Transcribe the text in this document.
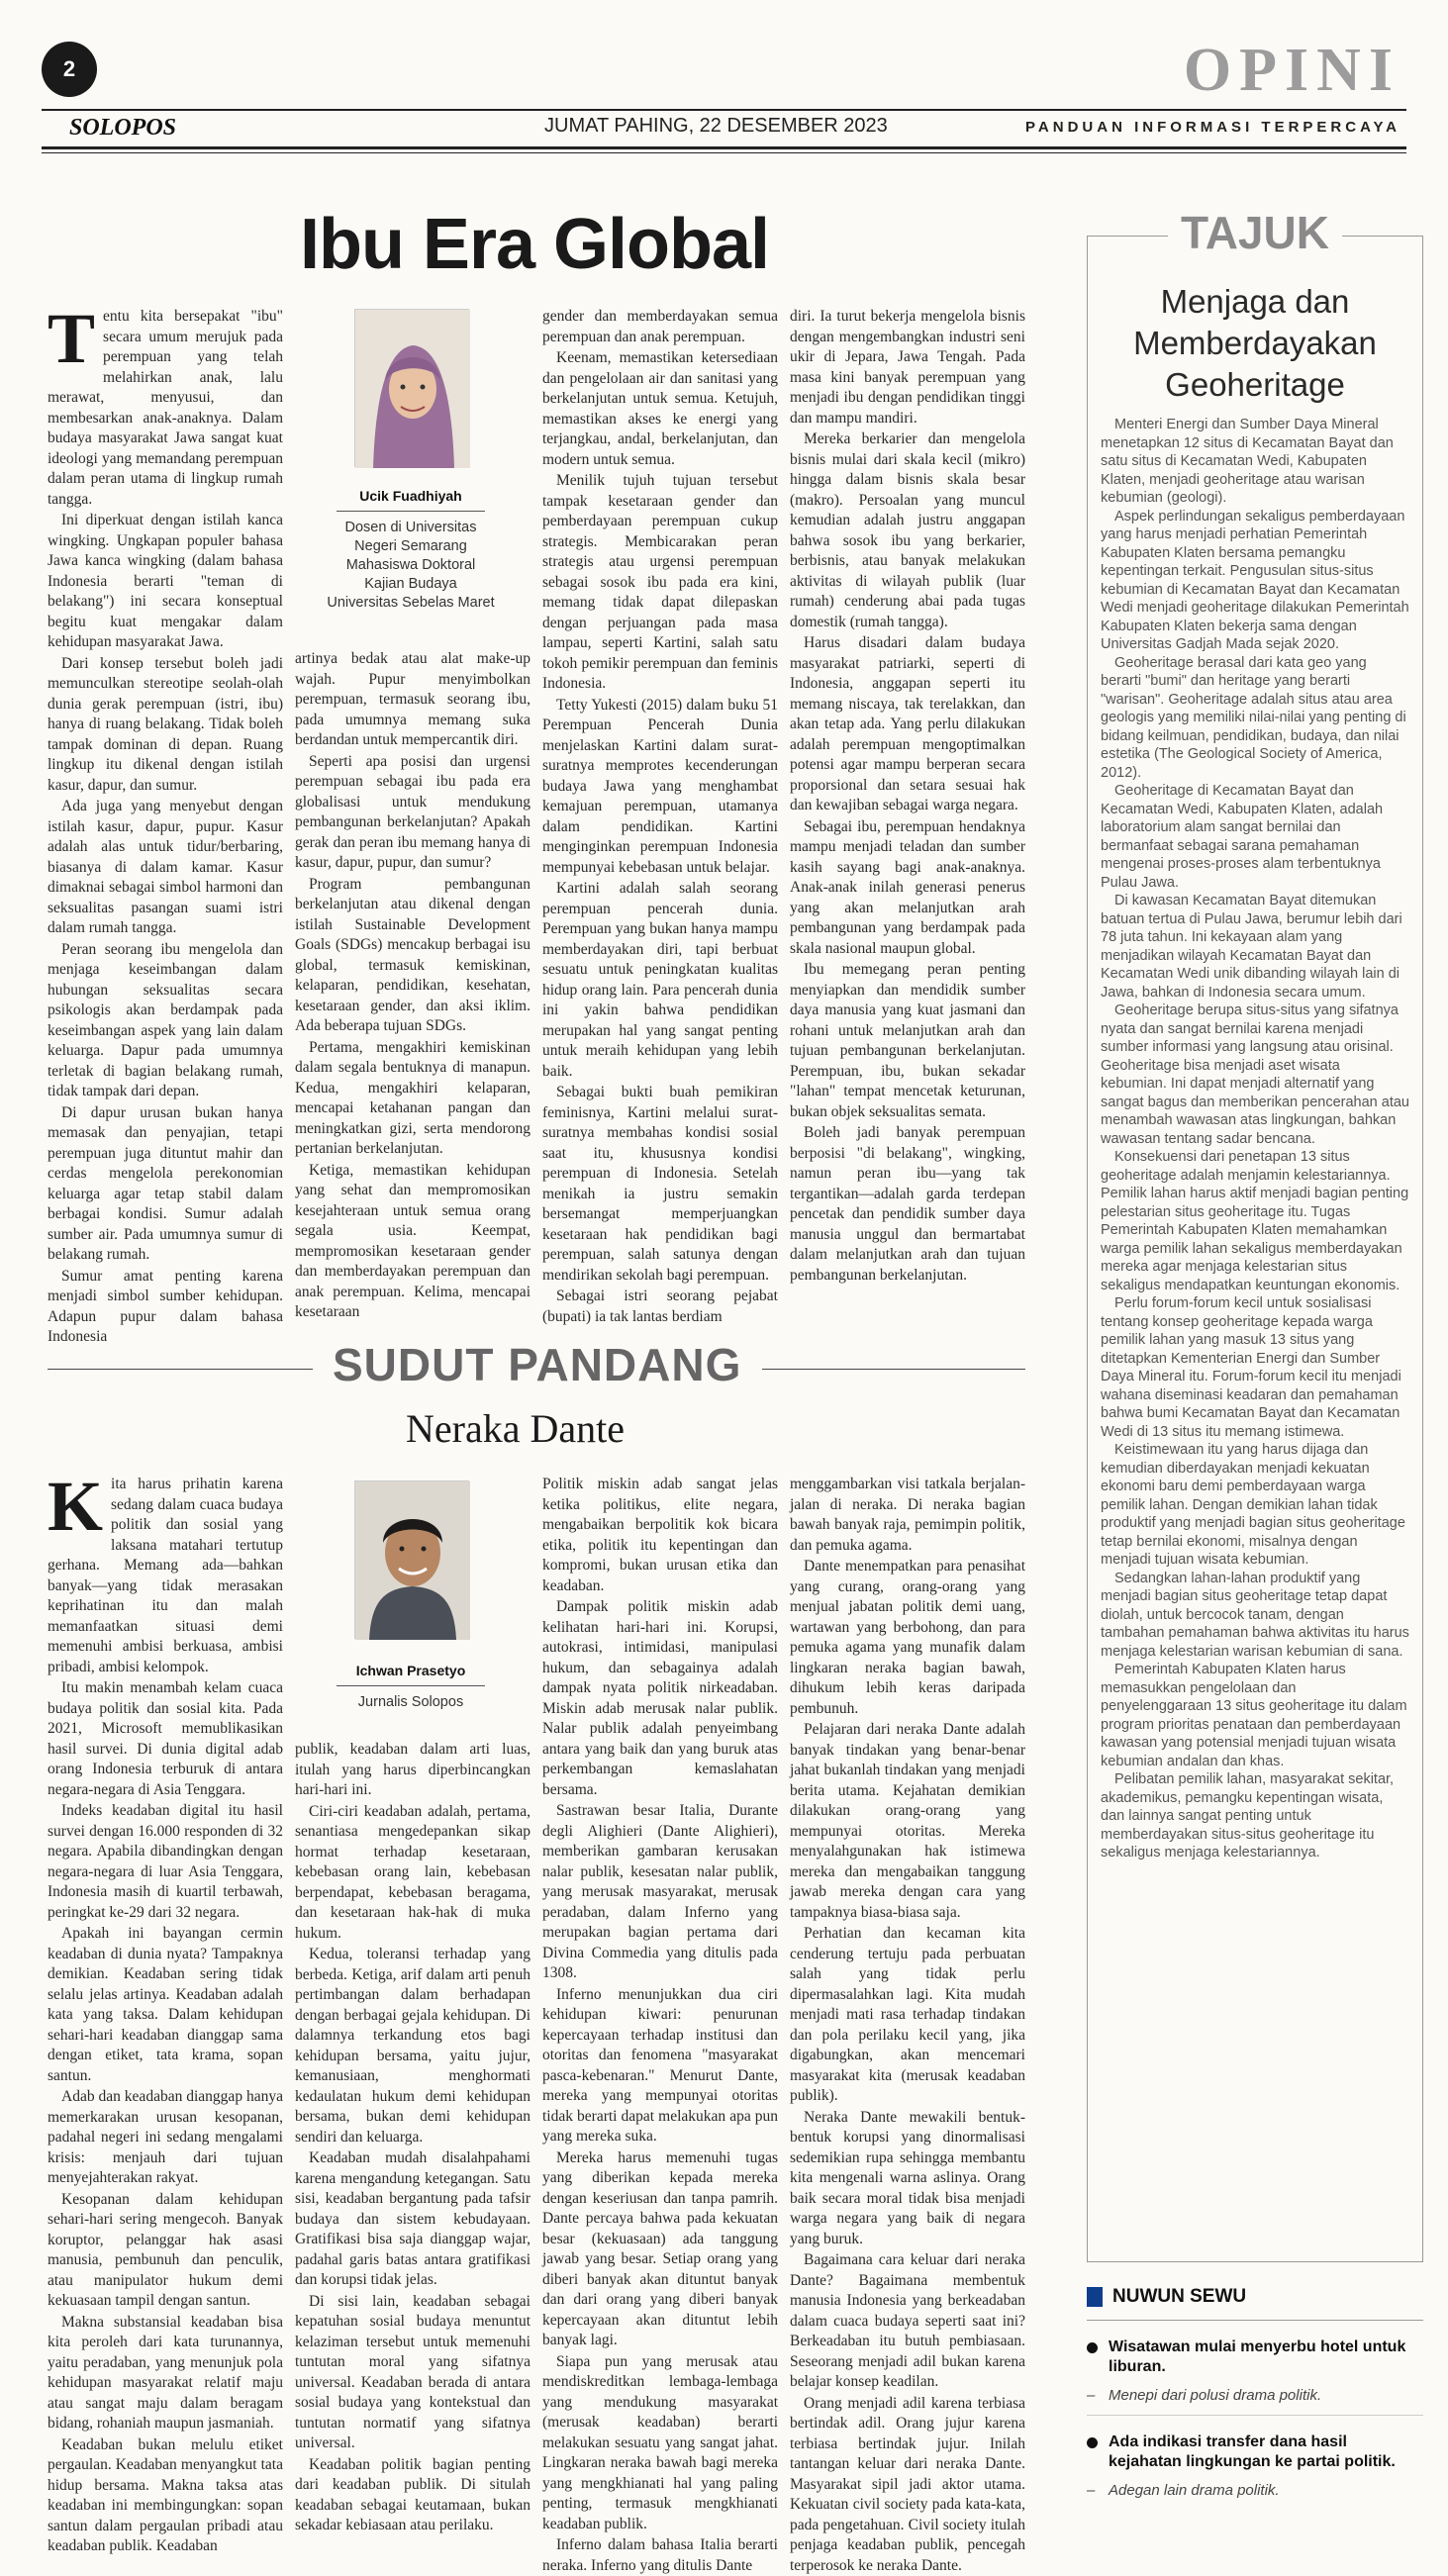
2	OPINI
SOLOPOS	JUMAT PAHING, 22 DESEMBER 2023	PANDUAN INFORMASI TERPERCAYA
Ibu Era Global
T entu kita bersepakat "ibu" secara umum merujuk pada perempuan yang telah melahirkan anak, lalu merawat, menyusui, dan membesarkan anak-anaknya. Dalam budaya masyarakat Jawa sangat kuat ideologi yang memandang perempuan dalam peran utama di lingkup rumah tangga.

Ini diperkuat dengan istilah kanca wingking. Ungkapan populer bahasa Jawa kanca wingking (dalam bahasa Indonesia berarti "teman di belakang") ini secara konseptual begitu kuat mengakar dalam kehidupan masyarakat Jawa.

Dari konsep tersebut boleh jadi memunculkan stereotipe seolah-olah dunia gerak perempuan (istri, ibu) hanya di ruang belakang. Tidak boleh tampak dominan di depan. Ruang lingkup itu dikenal dengan istilah kasur, dapur, dan sumur.

Ada juga yang menyebut dengan istilah kasur, dapur, pupur. Kasur adalah alas untuk tidur/berbaring, biasanya di dalam kamar. Kasur dimaknai sebagai simbol harmoni dan seksualitas pasangan suami istri dalam rumah tangga.

Peran seorang ibu mengelola dan menjaga keseimbangan dalam hubungan seksualitas secara psikologis akan berdampak pada keseimbangan aspek yang lain dalam keluarga. Dapur pada umumnya terletak di bagian belakang rumah, tidak tampak dari depan.

Di dapur urusan bukan hanya memasak dan penyajian, tetapi perempuan juga dituntut mahir dan cerdas mengelola perekonomian keluarga agar tetap stabil dalam berbagai kondisi. Sumur adalah sumber air. Pada umumnya sumur di belakang rumah.

Sumur amat penting karena menjadi simbol sumber kehidupan. Adapun pupur dalam bahasa Indonesia

Ucik Fuadhiyah
Dosen di Universitas
Negeri Semarang
Mahasiswa Doktoral
Kajian Budaya
Universitas Sebelas Maret

artinya bedak atau alat make-up wajah. Pupur menyimbolkan perempuan, termasuk seorang ibu, pada umumnya memang suka berdandan untuk mempercantik diri.

Seperti apa posisi dan urgensi perempuan sebagai ibu pada era globalisasi untuk mendukung pembangunan berkelanjutan? Apakah gerak dan peran ibu memang hanya di kasur, dapur, pupur, dan sumur?

Program pembangunan berkelanjutan atau dikenal dengan istilah Sustainable Development Goals (SDGs) mencakup berbagai isu global, termasuk kemiskinan, kelaparan, pendidikan, kesehatan, kesetaraan gender, dan aksi iklim. Ada beberapa tujuan SDGs.

Pertama, mengakhiri kemiskinan dalam segala bentuknya di manapun. Kedua, mengakhiri kelaparan, mencapai ketahanan pangan dan meningkatkan gizi, serta mendorong pertanian berkelanjutan.

Ketiga, memastikan kehidupan yang sehat dan mempromosikan kesejahteraan untuk semua orang segala usia. Keempat, mempromosikan kesetaraan gender dan memberdayakan perempuan dan anak perempuan. Kelima, mencapai kesetaraan

gender dan memberdayakan semua perempuan dan anak perempuan.

Keenam, memastikan ketersediaan dan pengelolaan air dan sanitasi yang berkelanjutan untuk semua. Ketujuh, memastikan akses ke energi yang terjangkau, andal, berkelanjutan, dan modern untuk semua.

Menilik tujuh tujuan tersebut tampak kesetaraan gender dan pemberdayaan perempuan cukup strategis. Membicarakan peran strategis atau urgensi perempuan sebagai sosok ibu pada era kini, memang tidak dapat dilepaskan dengan perjuangan pada masa lampau, seperti Kartini, salah satu tokoh pemikir perempuan dan feminis Indonesia.

Tetty Yukesti (2015) dalam buku 51 Perempuan Pencerah Dunia menjelaskan Kartini dalam surat-suratnya memprotes kecenderungan budaya Jawa yang menghambat kemajuan perempuan, utamanya dalam pendidikan. Kartini menginginkan perempuan Indonesia mempunyai kebebasan untuk belajar.

Kartini adalah salah seorang perempuan pencerah dunia. Perempuan yang bukan hanya mampu memberdayakan diri, tapi berbuat sesuatu untuk peningkatan kualitas hidup orang lain. Para pencerah dunia ini yakin bahwa pendidikan merupakan hal yang sangat penting untuk meraih kehidupan yang lebih baik.

Sebagai bukti buah pemikiran feminisnya, Kartini melalui surat-suratnya membahas kondisi sosial saat itu, khususnya kondisi perempuan di Indonesia. Setelah menikah ia justru semakin bersemangat memperjuangkan kesetaraan hak pendidikan bagi perempuan, salah satunya dengan mendirikan sekolah bagi perempuan.

Sebagai istri seorang pejabat (bupati) ia tak lantas berdiam

diri. Ia turut bekerja mengelola bisnis dengan mengembangkan industri seni ukir di Jepara, Jawa Tengah. Pada masa kini banyak perempuan yang menjadi ibu dengan pendidikan tinggi dan mampu mandiri.

Mereka berkarier dan mengelola bisnis mulai dari skala kecil (mikro) hingga dalam bisnis skala besar (makro). Persoalan yang muncul kemudian adalah justru anggapan bahwa sosok ibu yang berkarier, berbisnis, atau banyak melakukan aktivitas di wilayah publik (luar rumah) cenderung abai pada tugas domestik (rumah tangga).

Harus disadari dalam budaya masyarakat patriarki, seperti di Indonesia, anggapan seperti itu memang niscaya, tak terelakkan, dan akan tetap ada. Yang perlu dilakukan adalah perempuan mengoptimalkan potensi agar mampu berperan secara proporsional dan setara sesuai hak dan kewajiban sebagai warga negara.

Sebagai ibu, perempuan hendaknya mampu menjadi teladan dan sumber kasih sayang bagi anak-anaknya. Anak-anak inilah generasi penerus yang akan melanjutkan arah pembangunan yang berdampak pada skala nasional maupun global.

Ibu memegang peran penting menyiapkan dan mendidik sumber daya manusia yang kuat jasmani dan rohani untuk melanjutkan arah dan tujuan pembangunan berkelanjutan. Perempuan, ibu, bukan sekadar "lahan" tempat mencetak keturunan, bukan objek seksualitas semata.

Boleh jadi banyak perempuan berposisi "di belakang", wingking, namun peran ibu—yang tak tergantikan—adalah garda terdepan pencetak dan pendidik sumber daya manusia unggul dan bermartabat dalam melanjutkan arah dan tujuan pembangunan berkelanjutan.

SUDUT PANDANG
Neraka Dante
K ita harus prihatin karena sedang dalam cuaca budaya politik dan sosial yang laksana matahari tertutup gerhana. Memang ada—bahkan banyak—yang tidak merasakan keprihatinan itu dan malah memanfaatkan situasi demi memenuhi ambisi berkuasa, ambisi pribadi, ambisi kelompok.

Itu makin menambah kelam cuaca budaya politik dan sosial kita. Pada 2021, Microsoft memublikasikan hasil survei. Di dunia digital adab orang Indonesia terburuk di antara negara-negara di Asia Tenggara.

Indeks keadaban digital itu hasil survei dengan 16.000 responden di 32 negara. Apabila dibandingkan dengan negara-negara di luar Asia Tenggara, Indonesia masih di kuartil terbawah, peringkat ke-29 dari 32 negara.

Apakah ini bayangan cermin keadaban di dunia nyata? Tampaknya demikian. Keadaban sering tidak selalu jelas artinya. Keadaban adalah kata yang taksa. Dalam kehidupan sehari-hari keadaban dianggap sama dengan etiket, tata krama, sopan santun.

Adab dan keadaban dianggap hanya memerkarakan urusan kesopanan, padahal negeri ini sedang mengalami krisis: menjauh dari tujuan menyejahterakan rakyat.

Kesopanan dalam kehidupan sehari-hari sering mengecoh. Banyak koruptor, pelanggar hak asasi manusia, pembunuh dan penculik, atau manipulator hukum demi kekuasaan tampil dengan santun.

Makna substansial keadaban bisa kita peroleh dari kata turunannya, yaitu peradaban, yang menunjuk pola kehidupan masyarakat relatif maju atau sangat maju dalam beragam bidang, rohaniah maupun jasmaniah.

Keadaban bukan melulu etiket pergaulan. Keadaban menyangkut tata hidup bersama. Makna taksa atas keadaban ini membingungkan: sopan santun dalam pergaulan pribadi atau keadaban publik. Keadaban

Ichwan Prasetyo
Jurnalis Solopos

publik, keadaban dalam arti luas, itulah yang harus diperbincangkan hari-hari ini.

Ciri-ciri keadaban adalah, pertama, senantiasa mengedepankan sikap hormat terhadap kesetaraan, kebebasan orang lain, kebebasan berpendapat, kebebasan beragama, dan kesetaraan hak-hak di muka hukum.

Kedua, toleransi terhadap yang berbeda. Ketiga, arif dalam arti penuh pertimbangan dalam berhadapan dengan berbagai gejala kehidupan. Di dalamnya terkandung etos bagi kehidupan bersama, yaitu jujur, kemanusiaan, menghormati kedaulatan hukum demi kehidupan bersama, bukan demi kehidupan sendiri dan keluarga.

Keadaban mudah disalahpahami karena mengandung ketegangan. Satu sisi, keadaban bergantung pada tafsir budaya dan sistem kebudayaan. Gratifikasi bisa saja dianggap wajar, padahal garis batas antara gratifikasi dan korupsi tidak jelas.

Di sisi lain, keadaban sebagai kepatuhan sosial budaya menuntut kelaziman tersebut untuk memenuhi tuntutan moral yang sifatnya universal. Keadaban berada di antara sosial budaya yang kontekstual dan tuntutan normatif yang sifatnya universal.

Keadaban politik bagian penting dari keadaban publik. Di situlah keadaban sebagai keutamaan, bukan sekadar kebiasaan atau perilaku.

Politik miskin adab sangat jelas ketika politikus, elite negara, mengabaikan berpolitik kok bicara etika, politik itu kepentingan dan kompromi, bukan urusan etika dan keadaban.

Dampak politik miskin adab kelihatan hari-hari ini. Korupsi, autokrasi, intimidasi, manipulasi hukum, dan sebagainya adalah dampak nyata politik nirkeadaban. Miskin adab merusak nalar publik. Nalar publik adalah penyeimbang antara yang baik dan yang buruk atas perkembangan kemaslahatan bersama.

Sastrawan besar Italia, Durante degli Alighieri (Dante Alighieri), memberikan gambaran kerusakan nalar publik, kesesatan nalar publik, yang merusak masyarakat, merusak peradaban, dalam Inferno yang merupakan bagian pertama dari Divina Commedia yang ditulis pada 1308.

Inferno menunjukkan dua ciri kehidupan kiwari: penurunan kepercayaan terhadap institusi dan otoritas dan fenomena "masyarakat pasca-kebenaran." Menurut Dante, mereka yang mempunyai otoritas tidak berarti dapat melakukan apa pun yang mereka suka.

Mereka harus memenuhi tugas yang diberikan kepada mereka dengan keseriusan dan tanpa pamrih. Dante percaya bahwa pada kekuatan besar (kekuasaan) ada tanggung jawab yang besar. Setiap orang yang diberi banyak akan dituntut banyak dan dari orang yang diberi banyak kepercayaan akan dituntut lebih banyak lagi.

Siapa pun yang merusak atau mendiskreditkan lembaga-lembaga yang mendukung masyarakat (merusak keadaban) berarti melakukan sesuatu yang sangat jahat. Lingkaran neraka bawah bagi mereka yang mengkhianati hal yang paling penting, termasuk mengkhianati keadaban publik.

Inferno dalam bahasa Italia berarti neraka. Inferno yang ditulis Dante

menggambarkan visi tatkala berjalan-jalan di neraka. Di neraka bagian bawah banyak raja, pemimpin politik, dan pemuka agama.

Dante menempatkan para penasihat yang curang, orang-orang yang menjual jabatan politik demi uang, wartawan yang berbohong, dan para pemuka agama yang munafik dalam lingkaran neraka bagian bawah, dihukum lebih keras daripada pembunuh.

Pelajaran dari neraka Dante adalah banyak tindakan yang benar-benar jahat bukanlah tindakan yang menjadi berita utama. Kejahatan demikian dilakukan orang-orang yang mempunyai otoritas. Mereka menyalahgunakan hak istimewa mereka dan mengabaikan tanggung jawab mereka dengan cara yang tampaknya biasa-biasa saja.

Perhatian dan kecaman kita cenderung tertuju pada perbuatan salah yang tidak perlu dipermasalahkan lagi. Kita mudah menjadi mati rasa terhadap tindakan dan pola perilaku kecil yang, jika digabungkan, akan mencemari masyarakat kita (merusak keadaban publik).

Neraka Dante mewakili bentuk-bentuk korupsi yang dinormalisasi sedemikian rupa sehingga membantu kita mengenali warna aslinya. Orang baik secara moral tidak bisa menjadi warga negara yang baik di negara yang buruk.

Bagaimana cara keluar dari neraka Dante? Bagaimana membentuk manusia Indonesia yang berkeadaban dalam cuaca budaya seperti saat ini? Berkeadaban itu butuh pembiasaan. Seseorang menjadi adil bukan karena belajar konsep keadilan.

Orang menjadi adil karena terbiasa bertindak adil. Orang jujur karena terbiasa bertindak jujur. Inilah tantangan keluar dari neraka Dante. Masyarakat sipil jadi aktor utama. Kekuatan civil society pada kata-kata, pada pengetahuan. Civil society itulah penjaga keadaban publik, pencegah terperosok ke neraka Dante.

TAJUK
Menjaga dan Memberdayakan Geoheritage

Menteri Energi dan Sumber Daya Mineral menetapkan 12 situs di Kecamatan Bayat dan satu situs di Kecamatan Wedi, Kabupaten Klaten, menjadi geoheritage atau warisan kebumian (geologi).

Aspek perlindungan sekaligus pemberdayaan yang harus menjadi perhatian Pemerintah Kabupaten Klaten bersama pemangku kepentingan terkait. Pengusulan situs-situs kebumian di Kecamatan Bayat dan Kecamatan Wedi menjadi geoheritage dilakukan Pemerintah Kabupaten Klaten bekerja sama dengan Universitas Gadjah Mada sejak 2020.

Geoheritage berasal dari kata geo yang berarti "bumi" dan heritage yang berarti "warisan". Geoheritage adalah situs atau area geologis yang memiliki nilai-nilai yang penting di bidang keilmuan, pendidikan, budaya, dan nilai estetika (The Geological Society of America, 2012).

Geoheritage di Kecamatan Bayat dan Kecamatan Wedi, Kabupaten Klaten, adalah laboratorium alam sangat bernilai dan bermanfaat sebagai sarana pemahaman mengenai proses-proses alam terbentuknya Pulau Jawa.

Di kawasan Kecamatan Bayat ditemukan batuan tertua di Pulau Jawa, berumur lebih dari 78 juta tahun. Ini kekayaan alam yang menjadikan wilayah Kecamatan Bayat dan Kecamatan Wedi unik dibanding wilayah lain di Jawa, bahkan di Indonesia secara umum.

Geoheritage berupa situs-situs yang sifatnya nyata dan sangat bernilai karena menjadi sumber informasi yang langsung atau orisinal. Geoheritage bisa menjadi aset wisata kebumian. Ini dapat menjadi alternatif yang sangat bagus dan memberikan pencerahan atau menambah wawasan atas lingkungan, bahkan wawasan tentang sadar bencana.

Konsekuensi dari penetapan 13 situs geoheritage adalah menjamin kelestariannya. Pemilik lahan harus aktif menjadi bagian penting pelestarian situs geoheritage itu. Tugas Pemerintah Kabupaten Klaten memahamkan warga pemilik lahan sekaligus memberdayakan mereka agar menjaga kelestarian situs sekaligus mendapatkan keuntungan ekonomis.

Perlu forum-forum kecil untuk sosialisasi tentang konsep geoheritage kepada warga pemilik lahan yang masuk 13 situs yang ditetapkan Kementerian Energi dan Sumber Daya Mineral itu. Forum-forum kecil itu menjadi wahana diseminasi keadaran dan pemahaman bahwa bumi Kecamatan Bayat dan Kecamatan Wedi di 13 situs itu memang istimewa.

Keistimewaan itu yang harus dijaga dan kemudian diberdayakan menjadi kekuatan ekonomi baru demi pemberdayaan warga pemilik lahan. Dengan demikian lahan tidak produktif yang menjadi bagian situs geoheritage tetap bernilai ekonomi, misalnya dengan menjadi tujuan wisata kebumian.

Sedangkan lahan-lahan produktif yang menjadi bagian situs geoheritage tetap dapat diolah, untuk bercocok tanam, dengan tambahan pemahaman bahwa aktivitas itu harus menjaga kelestarian warisan kebumian di sana.

Pemerintah Kabupaten Klaten harus memasukkan pengelolaan dan penyelenggaraan 13 situs geoheritage itu dalam program prioritas penataan dan pemberdayaan kawasan yang potensial menjadi tujuan wisata kebumian andalan dan khas.

Pelibatan pemilik lahan, masyarakat sekitar, akademikus, pemangku kepentingan wisata, dan lainnya sangat penting untuk memberdayakan situs-situs geoheritage itu sekaligus menjaga kelestariannya.

NUWUN SEWU
Wisatawan mulai menyerbu hotel untuk liburan.
– Menepi dari polusi drama politik.
Ada indikasi transfer dana hasil kejahatan lingkungan ke partai politik.
– Adegan lain drama politik.
